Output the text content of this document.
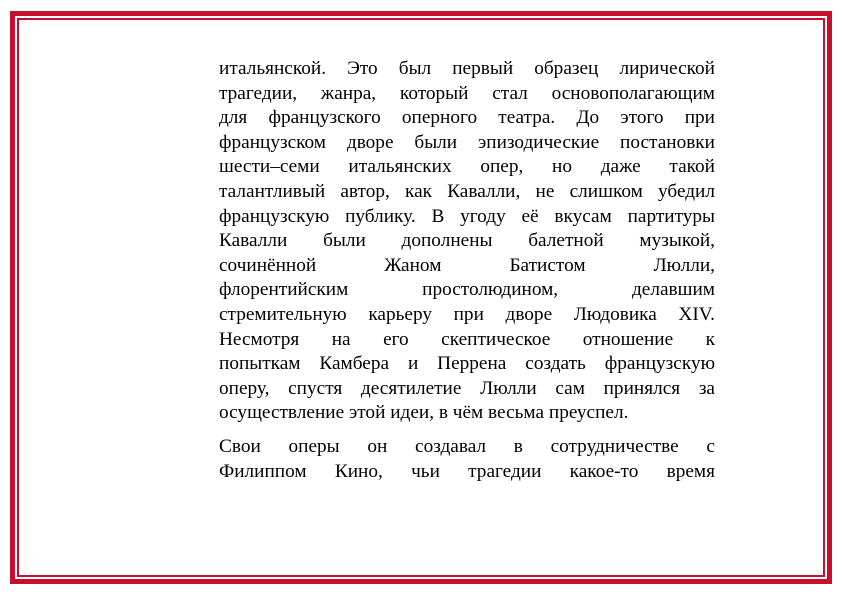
итальянской. Это был первый образец лирической
трагедии, жанра, который стал основополагающим
для французского оперного театра. До этого при
французском дворе были эпизодические постановки
шести–семи итальянских опер, но даже такой
талантливый автор, как Кавалли, не слишком убедил
французскую публику. В угоду её вкусам партитуры
Кавалли были дополнены балетной музыкой,
сочинённой Жаном Батистом Люлли,
флорентийским простолюдином, делавшим
стремительную карьеру при дворе Людовика XIV.
Несмотря на его скептическое отношение к
попыткам Камбера и Перрена создать французскую
оперу, спустя десятилетие Люлли сам принялся за
осуществление этой идеи, в чём весьма преуспел.
Свои оперы он создавал в сотрудничестве с
Филиппом Кино, чьи трагедии какое-то время
